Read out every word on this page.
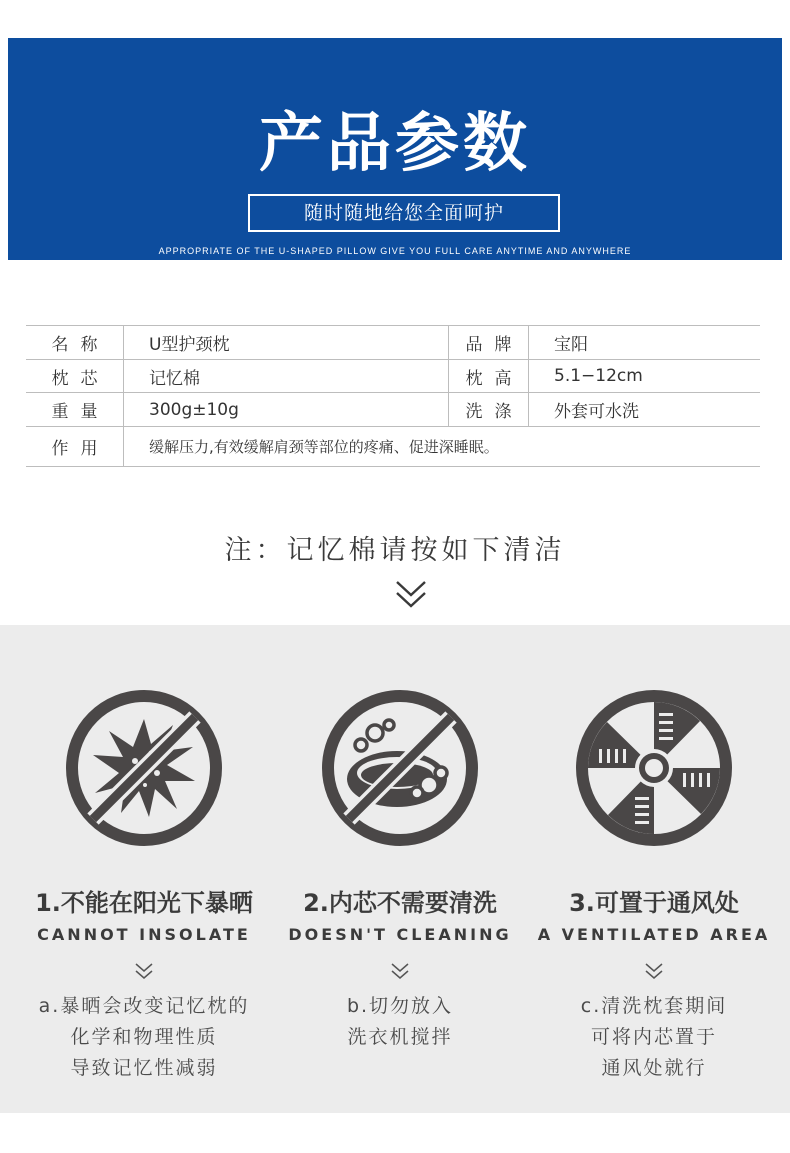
产品参数
随时随地给您全面呵护
APPROPRIATE OF THE U-SHAPED PILLOW GIVE YOU FULL CARE ANYTIME AND ANYWHERE
名称	U型护颈枕	品牌	宝阳
枕芯	记忆棉	枕高	5.1−12cm
重量	300g±10g	洗涤	外套可水洗
作用	缓解压力,有效缓解肩颈等部位的疼痛、促进深睡眠。
注：记忆棉请按如下清洁
1.不能在阳光下暴晒
CANNOT INSOLATE
a.暴晒会改变记忆枕的
化学和物理性质
导致记忆性减弱
2.内芯不需要清洗
DOESN'T CLEANING
b.切勿放入
洗衣机搅拌
3.可置于通风处
A VENTILATED AREA
c.清洗枕套期间
可将内芯置于
通风处就行
